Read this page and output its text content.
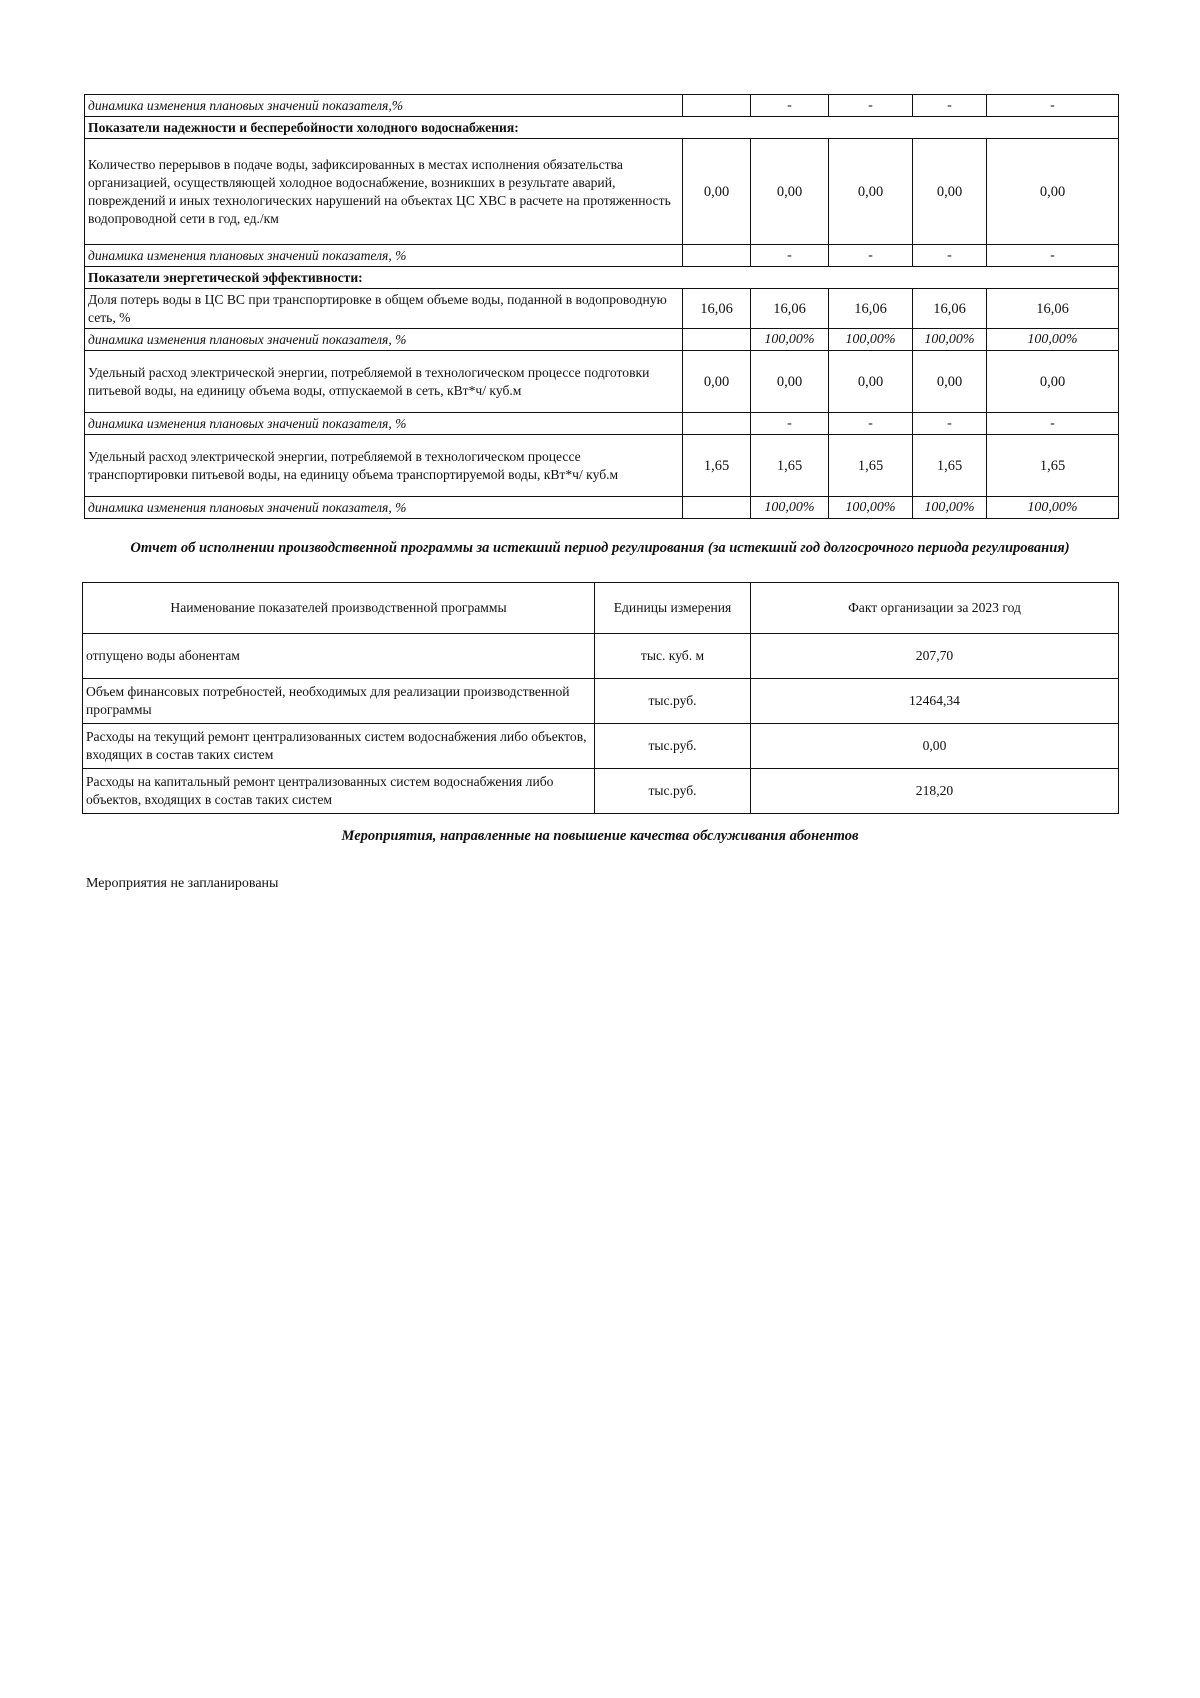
динамика изменения плановых значений показателя,%		-	-	-	-
Показатели надежности и бесперебойности холодного водоснабжения:					
Количество перерывов в подаче воды, зафиксированных в местах исполнения обязательства организацией, осуществляющей холодное водоснабжение, возникших в результате аварий, повреждений и иных технологических нарушений на объектах ЦС ХВС в расчете на протяженность водопроводной сети в год, ед./км	0,00	0,00	0,00	0,00	0,00
динамика изменения плановых значений показателя, %		-	-	-	-
Показатели энергетической эффективности:					
Доля потерь воды в ЦС ВС при транспортировке в общем объеме воды, поданной в водопроводную сеть, %	16,06	16,06	16,06	16,06	16,06
динамика изменения плановых значений показателя, %		100,00%	100,00%	100,00%	100,00%
Удельный расход электрической энергии, потребляемой в технологическом процессе подготовки питьевой воды, на единицу объема воды, отпускаемой в сеть, кВт*ч/ куб.м	0,00	0,00	0,00	0,00	0,00
динамика изменения плановых значений показателя, %		-	-	-	-
Удельный расход электрической энергии, потребляемой в технологическом процессе транспортировки питьевой воды, на единицу объема транспортируемой воды, кВт*ч/ куб.м	1,65	1,65	1,65	1,65	1,65
динамика изменения плановых значений показателя, %		100,00%	100,00%	100,00%	100,00%
Отчет об исполнении производственной программы за истекший период регулирования (за истекший год долгосрочного периода регулирования)
Наименование показателей производственной программы	Единицы измерения	Факт организации за 2023 год
отпущено воды абонентам	тыс. куб. м	207,70
Объем финансовых потребностей, необходимых для реализации производственной программы	тыс.руб.	12464,34
Расходы на текущий ремонт централизованных систем водоснабжения либо объектов, входящих в состав таких систем	тыс.руб.	0,00
Расходы на капитальный ремонт централизованных систем водоснабжения либо объектов, входящих в состав таких систем	тыс.руб.	218,20
Мероприятия, направленные на повышение качества обслуживания абонентов
Мероприятия не запланированы
